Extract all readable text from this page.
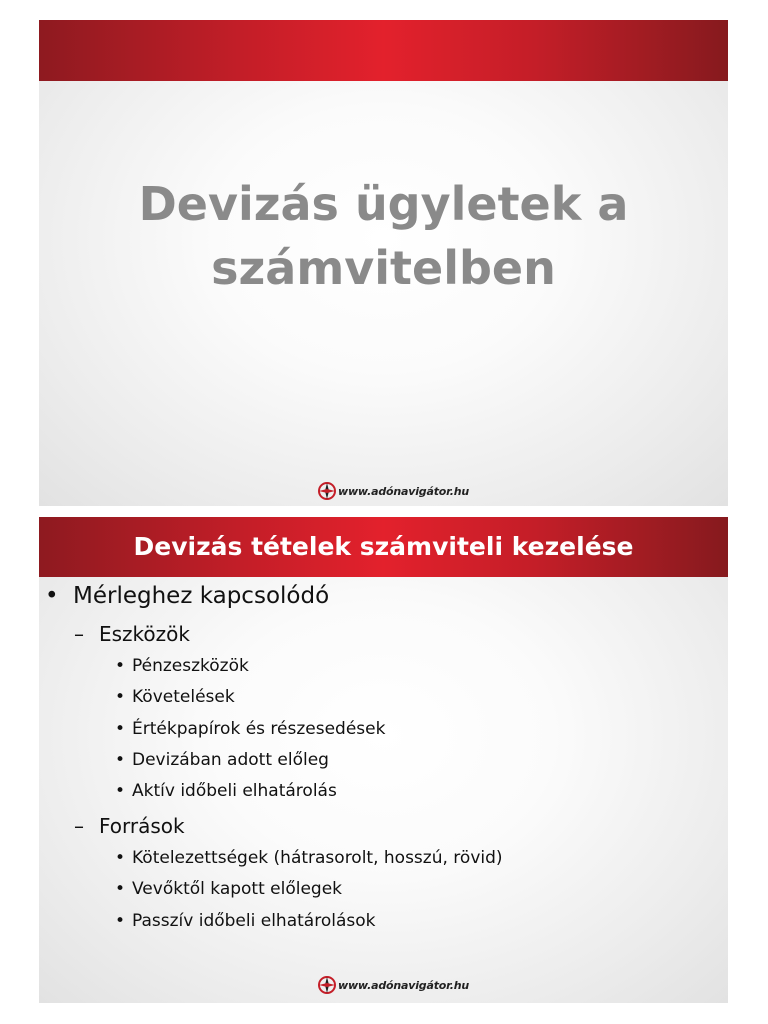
Devizás ügyletek a
számvitelben
www.adónavigátor.hu
Devizás tételek számviteli kezelése
• Mérleghez kapcsolódó
– Eszközök
• Pénzeszközök
• Követelések
• Értékpapírok és részesedések
• Devizában adott előleg
• Aktív időbeli elhatárolás
– Források
• Kötelezettségek (hátrasorolt, hosszú, rövid)
• Vevőktől kapott előlegek
• Passzív időbeli elhatárolások
www.adónavigátor.hu
